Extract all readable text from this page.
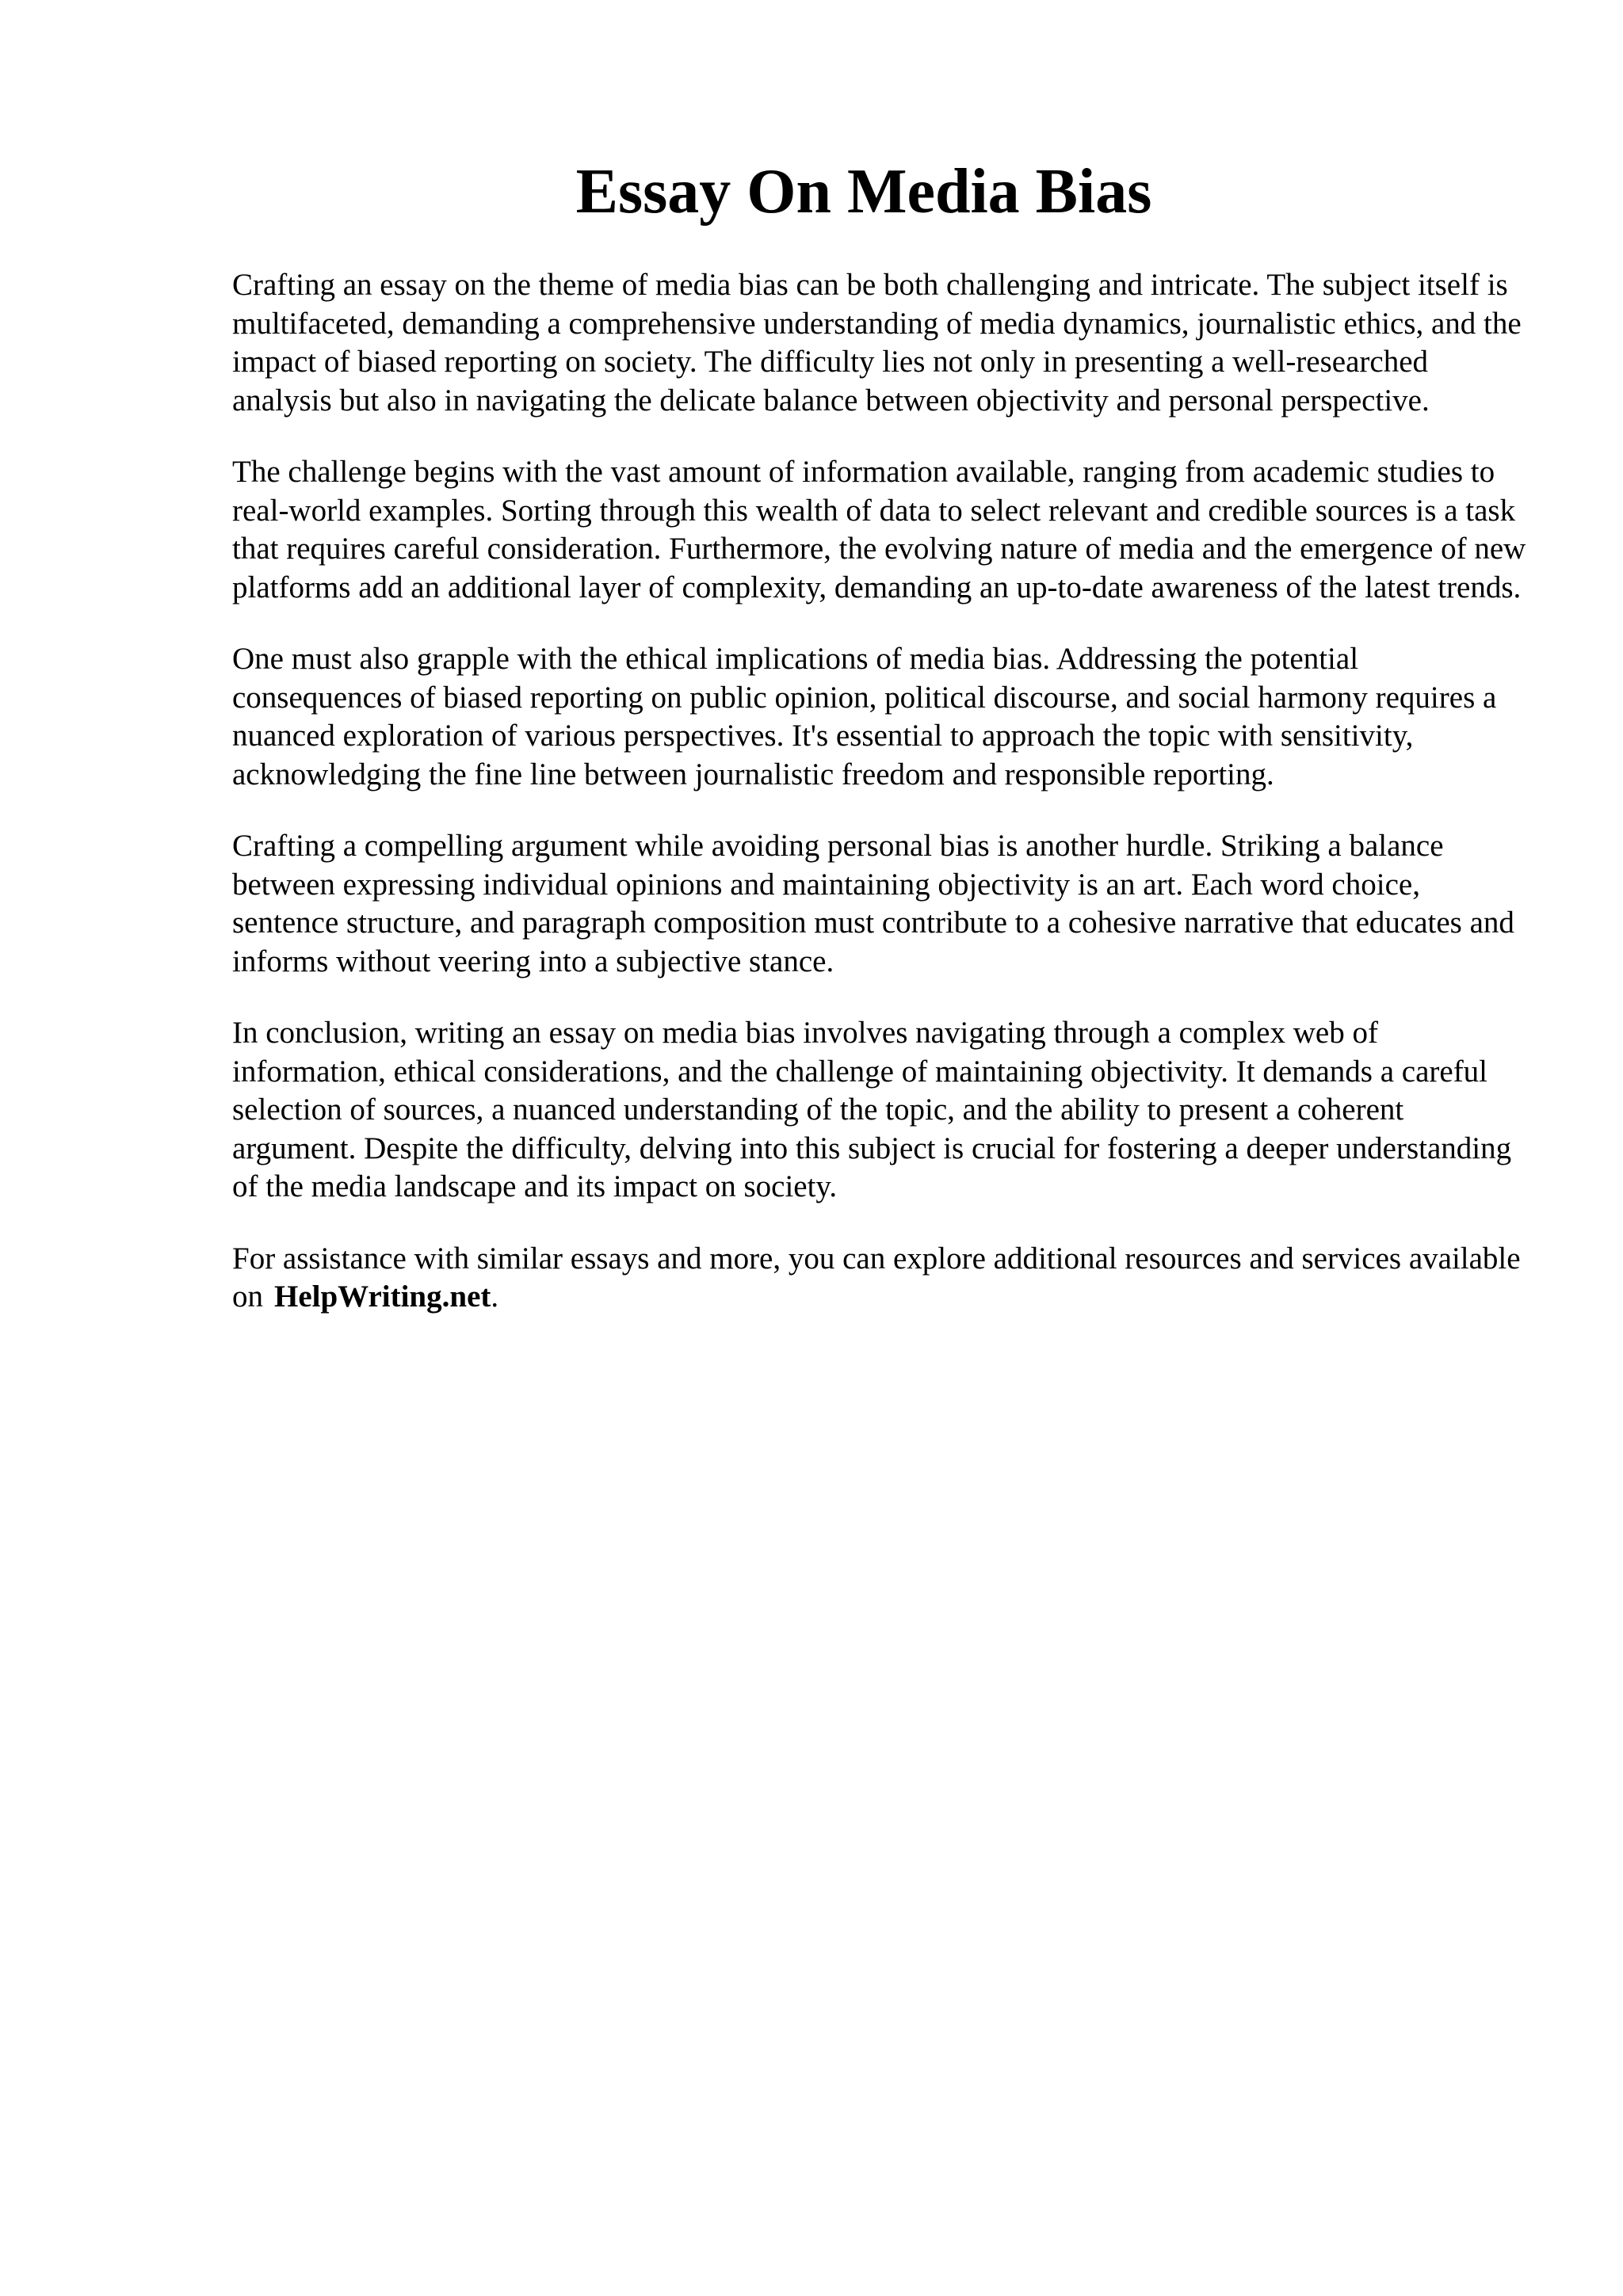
Essay On Media Bias

Crafting an essay on the theme of media bias can be both challenging and intricate. The subject itself is multifaceted, demanding a comprehensive understanding of media dynamics, journalistic ethics, and the impact of biased reporting on society. The difficulty lies not only in presenting a well-researched analysis but also in navigating the delicate balance between objectivity and personal perspective.

The challenge begins with the vast amount of information available, ranging from academic studies to real-world examples. Sorting through this wealth of data to select relevant and credible sources is a task that requires careful consideration. Furthermore, the evolving nature of media and the emergence of new platforms add an additional layer of complexity, demanding an up-to-date awareness of the latest trends.

One must also grapple with the ethical implications of media bias. Addressing the potential consequences of biased reporting on public opinion, political discourse, and social harmony requires a nuanced exploration of various perspectives. It's essential to approach the topic with sensitivity, acknowledging the fine line between journalistic freedom and responsible reporting.

Crafting a compelling argument while avoiding personal bias is another hurdle. Striking a balance between expressing individual opinions and maintaining objectivity is an art. Each word choice, sentence structure, and paragraph composition must contribute to a cohesive narrative that educates and informs without veering into a subjective stance.

In conclusion, writing an essay on media bias involves navigating through a complex web of information, ethical considerations, and the challenge of maintaining objectivity. It demands a careful selection of sources, a nuanced understanding of the topic, and the ability to present a coherent argument. Despite the difficulty, delving into this subject is crucial for fostering a deeper understanding of the media landscape and its impact on society.

For assistance with similar essays and more, you can explore additional resources and services available on HelpWriting.net.
